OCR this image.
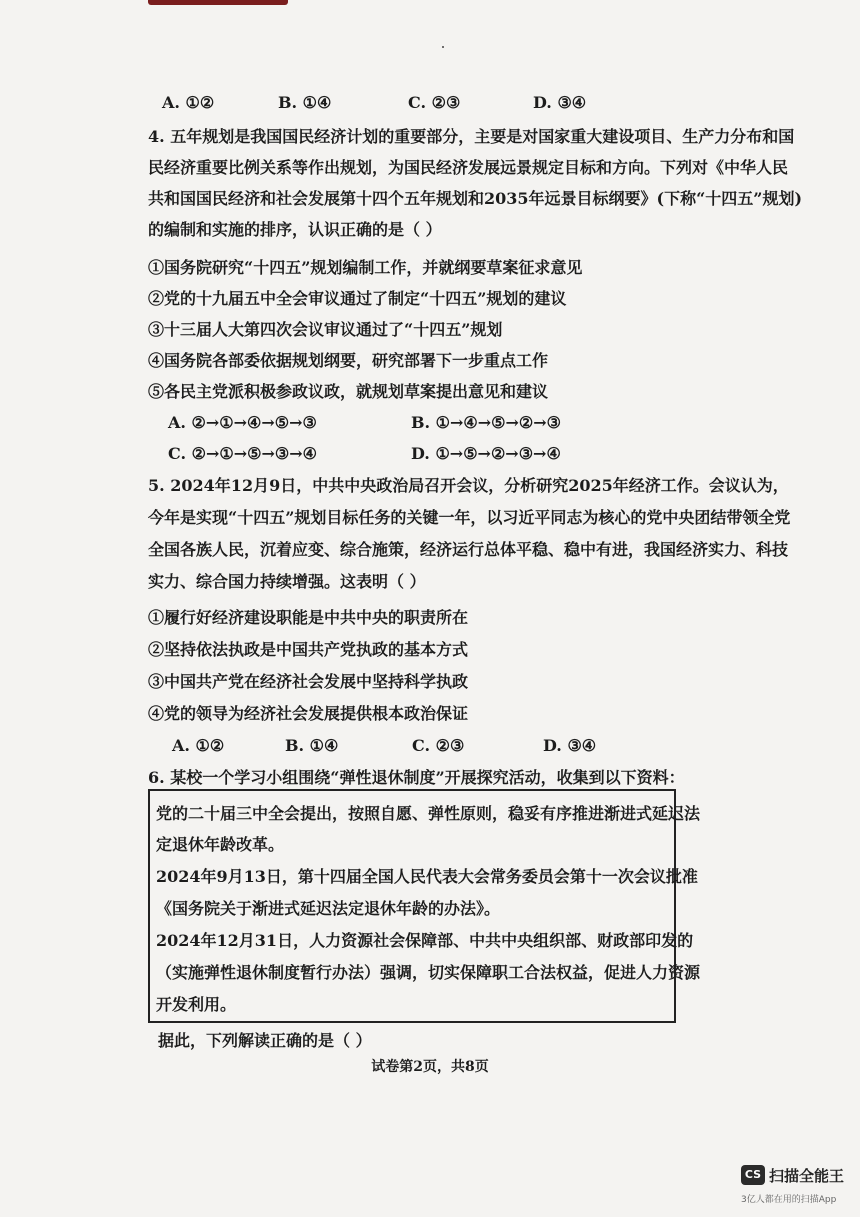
A. ①②	B. ①④	C. ②③	D. ③④
4. 五年规划是我国国民经济计划的重要部分，主要是对国家重大建设项目、生产力分布和国
民经济重要比例关系等作出规划，为国民经济发展远景规定目标和方向。下列对《中华人民
共和国国民经济和社会发展第十四个五年规划和2035年远景目标纲要》(下称“十四五”规划)
的编制和实施的排序，认识正确的是（ ）
①国务院研究“十四五”规划编制工作，并就纲要草案征求意见
②党的十九届五中全会审议通过了制定“十四五”规划的建议
③十三届人大第四次会议审议通过了“十四五”规划
④国务院各部委依据规划纲要，研究部署下一步重点工作
⑤各民主党派积极参政议政，就规划草案提出意见和建议
A. ②→①→④→⑤→③	B. ①→④→⑤→②→③
C. ②→①→⑤→③→④	D. ①→⑤→②→③→④
5. 2024年12月9日，中共中央政治局召开会议，分析研究2025年经济工作。会议认为，
今年是实现“十四五”规划目标任务的关键一年，以习近平同志为核心的党中央团结带领全党
全国各族人民，沉着应变、综合施策，经济运行总体平稳、稳中有进，我国经济实力、科技
实力、综合国力持续增强。这表明（ ）
①履行好经济建设职能是中共中央的职责所在
②坚持依法执政是中国共产党执政的基本方式
③中国共产党在经济社会发展中坚持科学执政
④党的领导为经济社会发展提供根本政治保证
A. ①②	B. ①④	C. ②③	D. ③④
6. 某校一个学习小组围绕“弹性退休制度”开展探究活动，收集到以下资料：
党的二十届三中全会提出，按照自愿、弹性原则，稳妥有序推进渐进式延迟法
定退休年龄改革。
2024年9月13日，第十四届全国人民代表大会常务委员会第十一次会议批准
《国务院关于渐进式延迟法定退休年龄的办法》。
2024年12月31日，人力资源社会保障部、中共中央组织部、财政部印发的
（实施弹性退休制度暂行办法）强调，切实保障职工合法权益，促进人力资源
开发利用。
据此，下列解读正确的是（ ）
试卷第2页，共8页
CS 扫描全能王
3亿人都在用的扫描App
